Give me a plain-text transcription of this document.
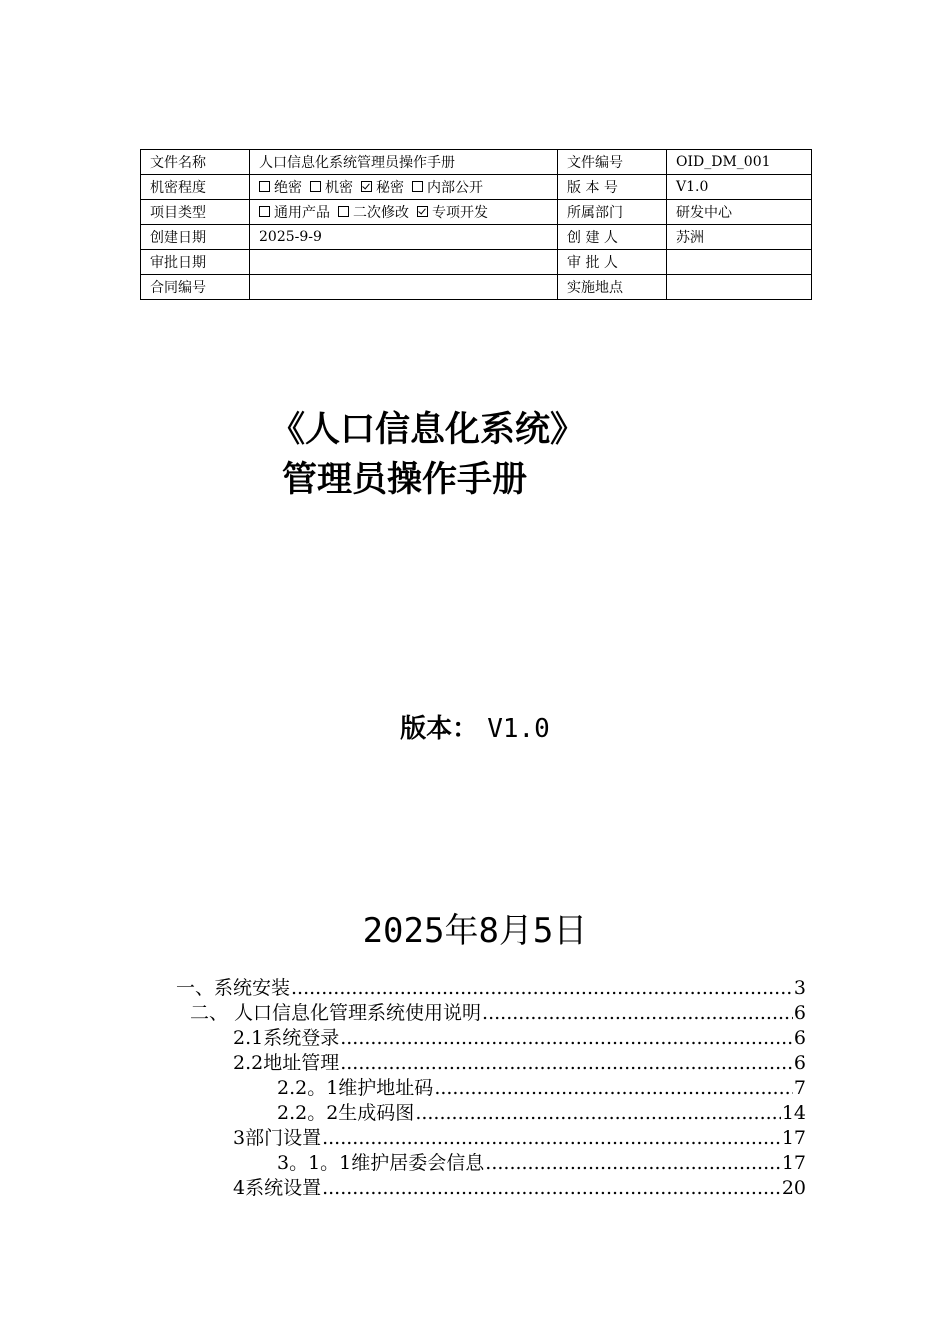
文件名称	人口信息化系统管理员操作手册	文件编号	OID_DM_001
机密程度	绝密 机密 秘密 内部公开	版 本 号	V1.0
项目类型	通用产品 二次修改 专项开发	所属部门	研发中心
创建日期	2025-9-9	创 建 人	苏洲
审批日期		审 批 人	
合同编号		实施地点	
《人口信息化系统》
管理员操作手册
版本： V1.0
2025年8月5日
一、系统安装 .....	3
二、 人口信息化管理系统使用说明 .....	6
2.1系统登录 .....	6
2.2地址管理 .....	6
2.2。1维护地址码 .....	7
2.2。2生成码图 .....	14
3部门设置 .....	17
3。1。1维护居委会信息 .....	17
4系统设置 .....	20
